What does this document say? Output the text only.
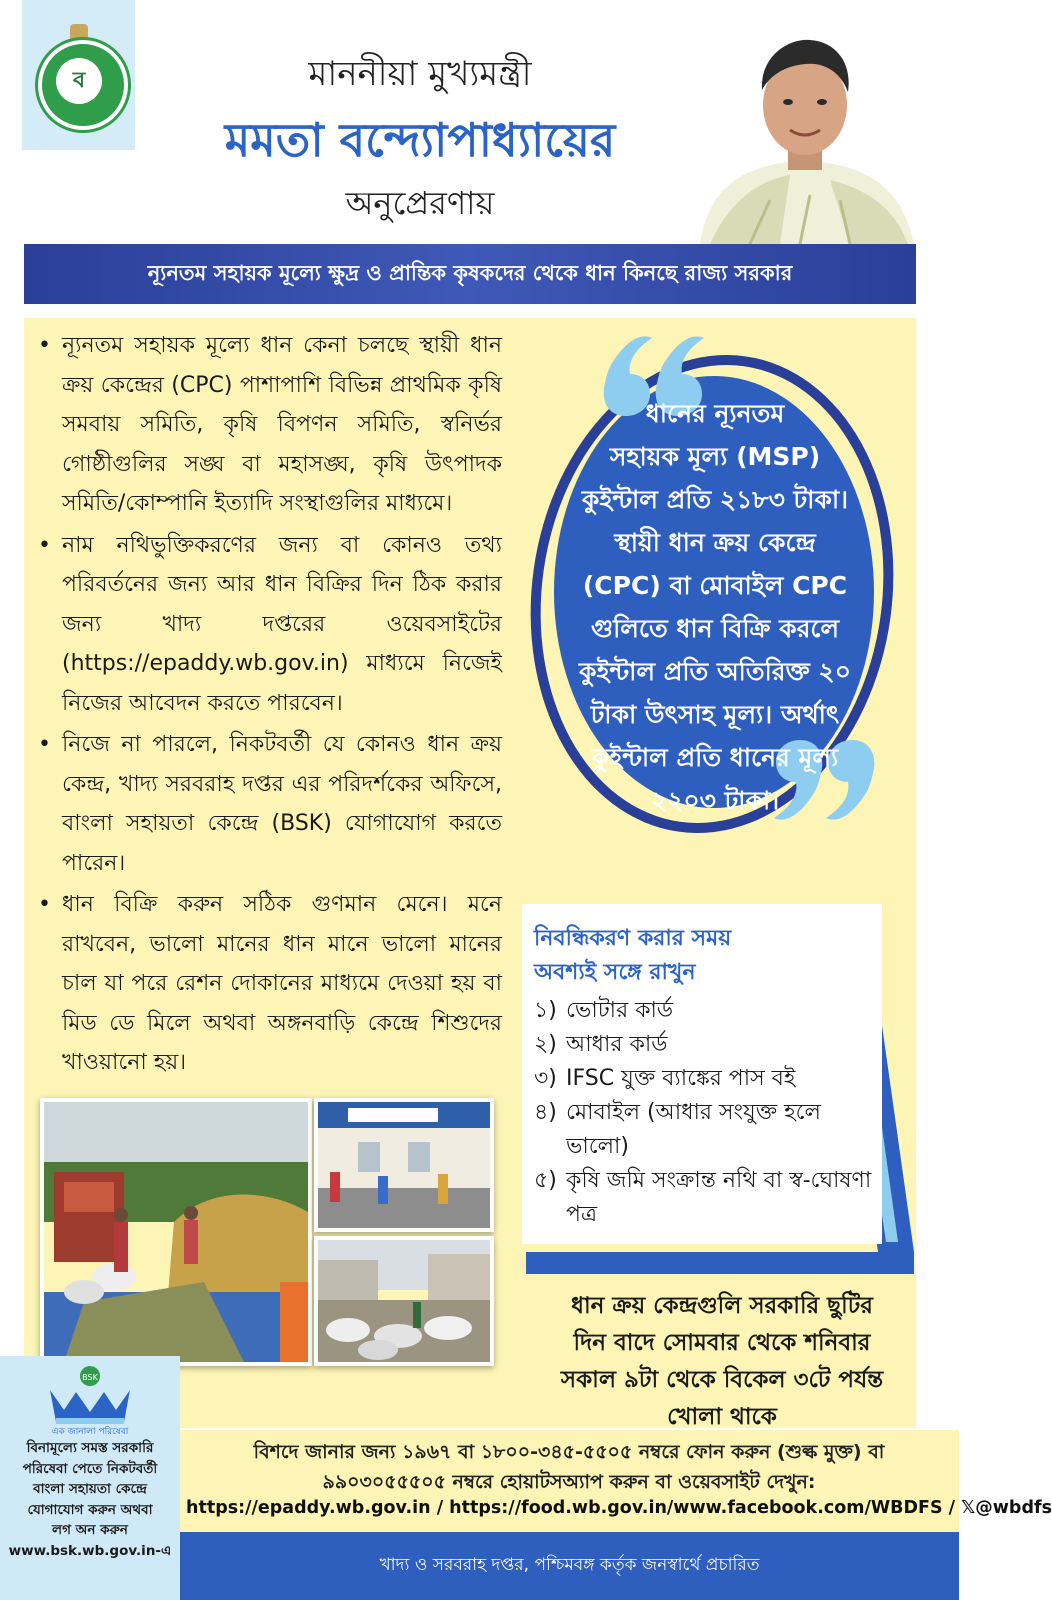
ব	মাননীয়া মুখ্যমন্ত্রী
মমতা বন্দ্যোপাধ্যায়ের
অনুপ্রেরণায়
ন্যূনতম সহায়ক মূল্যে ক্ষুদ্র ও প্রান্তিক কৃষকদের থেকে ধান কিনছে রাজ্য সরকার
• ন্যূনতম সহায়ক মূল্যে ধান কেনা চলছে স্থায়ী ধান ক্রয় কেন্দ্রের (CPC) পাশাপাশি বিভিন্ন প্রাথমিক কৃষি সমবায় সমিতি, কৃষি বিপণন সমিতি, স্বনির্ভর গোষ্ঠীগুলির সঙ্ঘ বা মহাসঙ্ঘ, কৃষি উৎপাদক সমিতি/কোম্পানি ইত্যাদি সংস্থাগুলির মাধ্যমে।
• নাম নথিভুক্তিকরণের জন্য বা কোনও তথ্য পরিবর্তনের জন্য আর ধান বিক্রির দিন ঠিক করার জন্য খাদ্য দপ্তরের ওয়েবসাইটের (https://epaddy.wb.gov.in) মাধ্যমে নিজেই নিজের আবেদন করতে পারবেন।
• নিজে না পারলে, নিকটবর্তী যে কোনও ধান ক্রয় কেন্দ্র, খাদ্য সরবরাহ দপ্তর এর পরিদর্শকের অফিসে, বাংলা সহায়তা কেন্দ্রে (BSK) যোগাযোগ করতে পারেন।
• ধান বিক্রি করুন সঠিক গুণমান মেনে। মনে রাখবেন, ভালো মানের ধান মানে ভালো মানের চাল যা পরে রেশন দোকানের মাধ্যমে দেওয়া হয় বা মিড ডে মিলে অথবা অঙ্গনবাড়ি কেন্দ্রে শিশুদের খাওয়ানো হয়।
ধানের ন্যূনতম
সহায়ক মূল্য (MSP)
কুইন্টাল প্রতি ২১৮৩ টাকা।
স্থায়ী ধান ক্রয় কেন্দ্রে
(CPC) বা মোবাইল CPC
গুলিতে ধান বিক্রি করলে
কুইন্টাল প্রতি অতিরিক্ত ২০
টাকা উৎসাহ মূল্য। অর্থাৎ
কুইন্টাল প্রতি ধানের মূল্য
২২০৩ টাকা।
নিবন্ধিকরণ করার সময়
অবশ্যই সঙ্গে রাখুন
১) ভোটার কার্ড
২) আধার কার্ড
৩) IFSC যুক্ত ব্যাঙ্কের পাস বই
৪) মোবাইল (আধার সংযুক্ত হলে ভালো)
৫) কৃষি জমি সংক্রান্ত নথি বা স্ব-ঘোষণা পত্র
ধান ক্রয় কেন্দ্রগুলি সরকারি ছুটির
দিন বাদে সোমবার থেকে শনিবার
সকাল ৯টা থেকে বিকেল ৩টে পর্যন্ত
খোলা থাকে
BSK
এক জানালা পরিষেবা
বিনামূল্যে সমস্ত সরকারি
পরিষেবা পেতে নিকটবর্তী
বাংলা সহায়তা কেন্দ্রে
যোগাযোগ করুন অথবা
লগ অন করুন
www.bsk.wb.gov.in-এ
বিশদে জানার জন্য ১৯৬৭ বা ১৮০০-৩৪৫-৫৫০৫ নম্বরে ফোন করুন (শুল্ক মুক্ত) বা
৯৯০৩০৫৫৫০৫ নম্বরে হোয়াটসঅ্যাপ করুন বা ওয়েবসাইট দেখুন:
https://epaddy.wb.gov.in / https://food.wb.gov.in/www.facebook.com/WBDFS / 𝕏@wbdfs
খাদ্য ও সরবরাহ দপ্তর, পশ্চিমবঙ্গ কর্তৃক জনস্বার্থে প্রচারিত
